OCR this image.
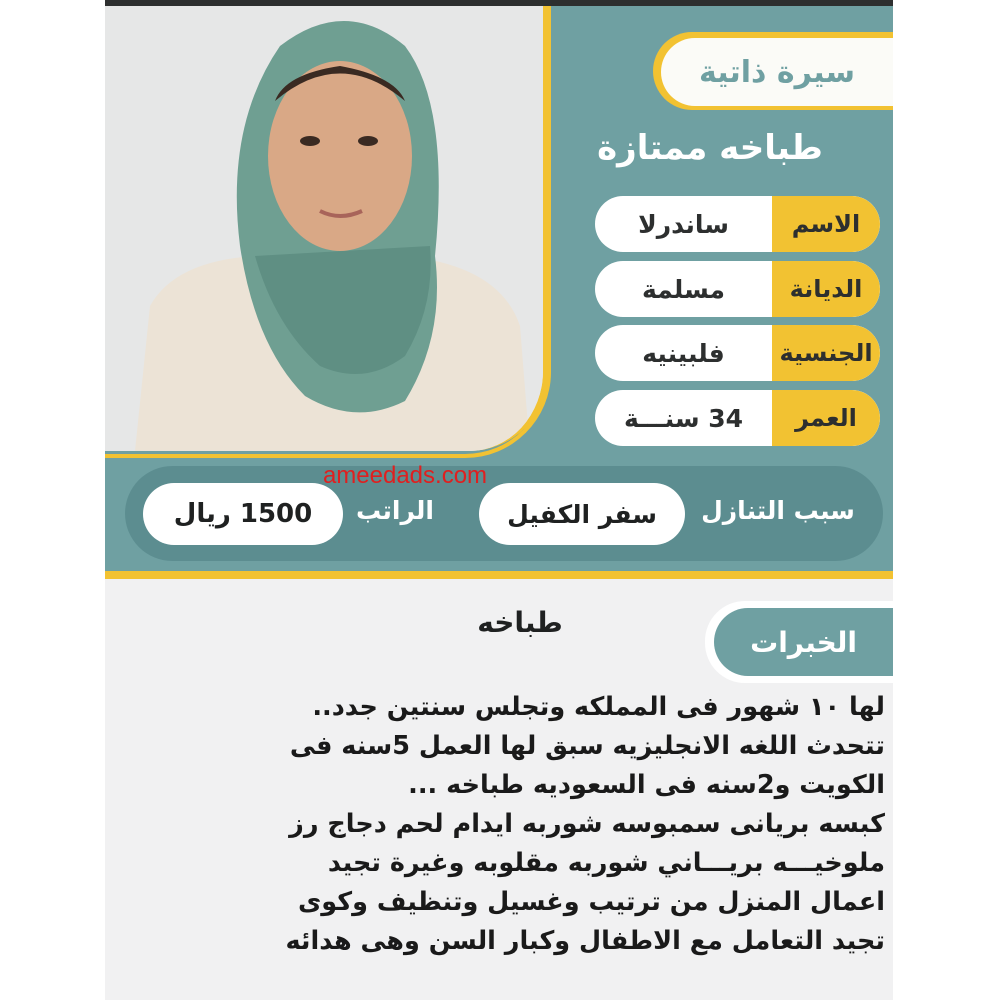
سيرة ذاتية
طباخه ممتازة
ساندرلا	الاسم
مسلمة	الديانة
فلبينيه	الجنسية
34 سنـــة	العمر
1500 ريال	الراتب	سفر الكفيل	سبب التنازل
طباخه
الخبرات
لها ١٠ شهور فى المملكه وتجلس سنتين جدد..
تتحدث اللغه الانجليزيه سبق لها العمل 5سنه فى
الكويت و2سنه فى السعوديه طباخه ...
كبسه بريانى سمبوسه شوربه ايدام لحم دجاج رز
ملوخيـــه بريـــاني شوربه مقلوبه وغيرة تجيد
اعمال المنزل من ترتيب وغسيل وتنظيف وكوى
تجيد التعامل مع الاطفال وكبار السن وهى هدائه
ameedads.com
